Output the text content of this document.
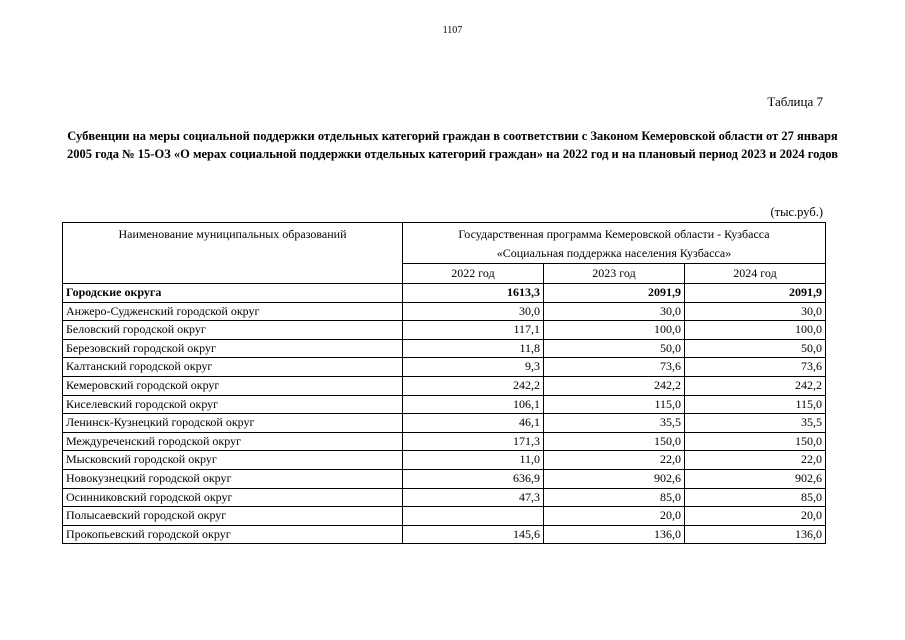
1107
Таблица 7
Субвенции на меры социальной поддержки отдельных категорий граждан в соответствии с Законом Кемеровской области от 27 января 2005 года № 15-ОЗ «О мерах социальной поддержки отдельных категорий граждан» на 2022 год и на плановый период 2023 и 2024 годов
(тыс.руб.)
Наименование муниципальных образований	Государственная программа Кемеровской области - Кузбасса
«Социальная поддержка населения Кузбасса»		

	2022 год	2023 год	2024 год
Городские округа	1613,3	2091,9	2091,9
Анжеро-Судженский городской округ	30,0	30,0	30,0
Беловский городской округ	117,1	100,0	100,0
Березовский городской округ	11,8	50,0	50,0
Калтанский городской округ	9,3	73,6	73,6
Кемеровский городской округ	242,2	242,2	242,2
Киселевский городской округ	106,1	115,0	115,0
Ленинск-Кузнецкий городской округ	46,1	35,5	35,5
Междуреченский городской округ	171,3	150,0	150,0
Мысковский городской округ	11,0	22,0	22,0
Новокузнецкий городской округ	636,9	902,6	902,6
Осинниковский городской округ	47,3	85,0	85,0
Полысаевский городской округ		20,0	20,0
Прокопьевский городской округ	145,6	136,0	136,0
